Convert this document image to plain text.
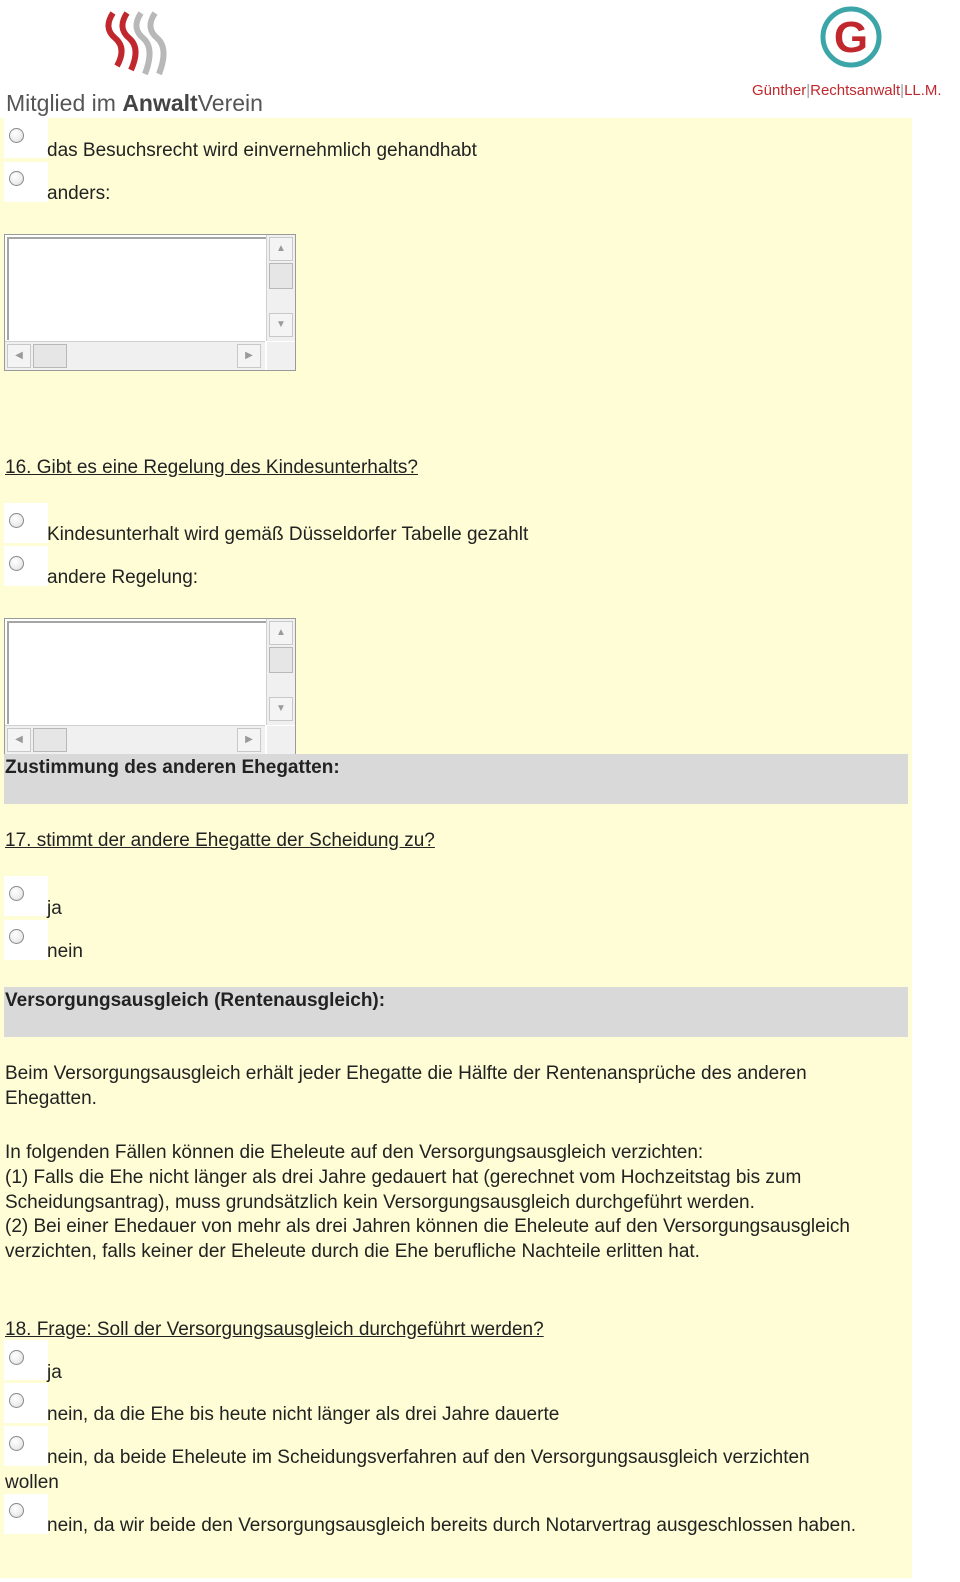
Mitglied im AnwaltVerein
G
Günther|Rechtsanwalt|LL.M.
das Besuchsrecht wird einvernehmlich gehandhabt
anders:
▲
▼
◀	▶
16. Gibt es eine Regelung des Kindesunterhalts?
Kindesunterhalt wird gemäß Düsseldorfer Tabelle gezahlt
andere Regelung:
▲
▼
◀	▶
Zustimmung des anderen Ehegatten:
17. stimmt der andere Ehegatte der Scheidung zu?
ja
nein
Versorgungsausgleich (Rentenausgleich):
Beim Versorgungsausgleich erhält jeder Ehegatte die Hälfte der Rentenansprüche des anderen Ehegatten.
In folgenden Fällen können die Eheleute auf den Versorgungsausgleich verzichten:
(1) Falls die Ehe nicht länger als drei Jahre gedauert hat (gerechnet vom Hochzeitstag bis zum Scheidungsantrag), muss grundsätzlich kein Versorgungsausgleich durchgeführt werden.
(2) Bei einer Ehedauer von mehr als drei Jahren können die Eheleute auf den Versorgungsausgleich verzichten, falls keiner der Eheleute durch die Ehe berufliche Nachteile erlitten hat.
18. Frage: Soll der Versorgungsausgleich durchgeführt werden?
ja
nein, da die Ehe bis heute nicht länger als drei Jahre dauerte
nein, da beide Eheleute im Scheidungsverfahren auf den Versorgungsausgleich verzichten wollen
nein, da wir beide den Versorgungsausgleich bereits durch Notarvertrag ausgeschlossen haben.
